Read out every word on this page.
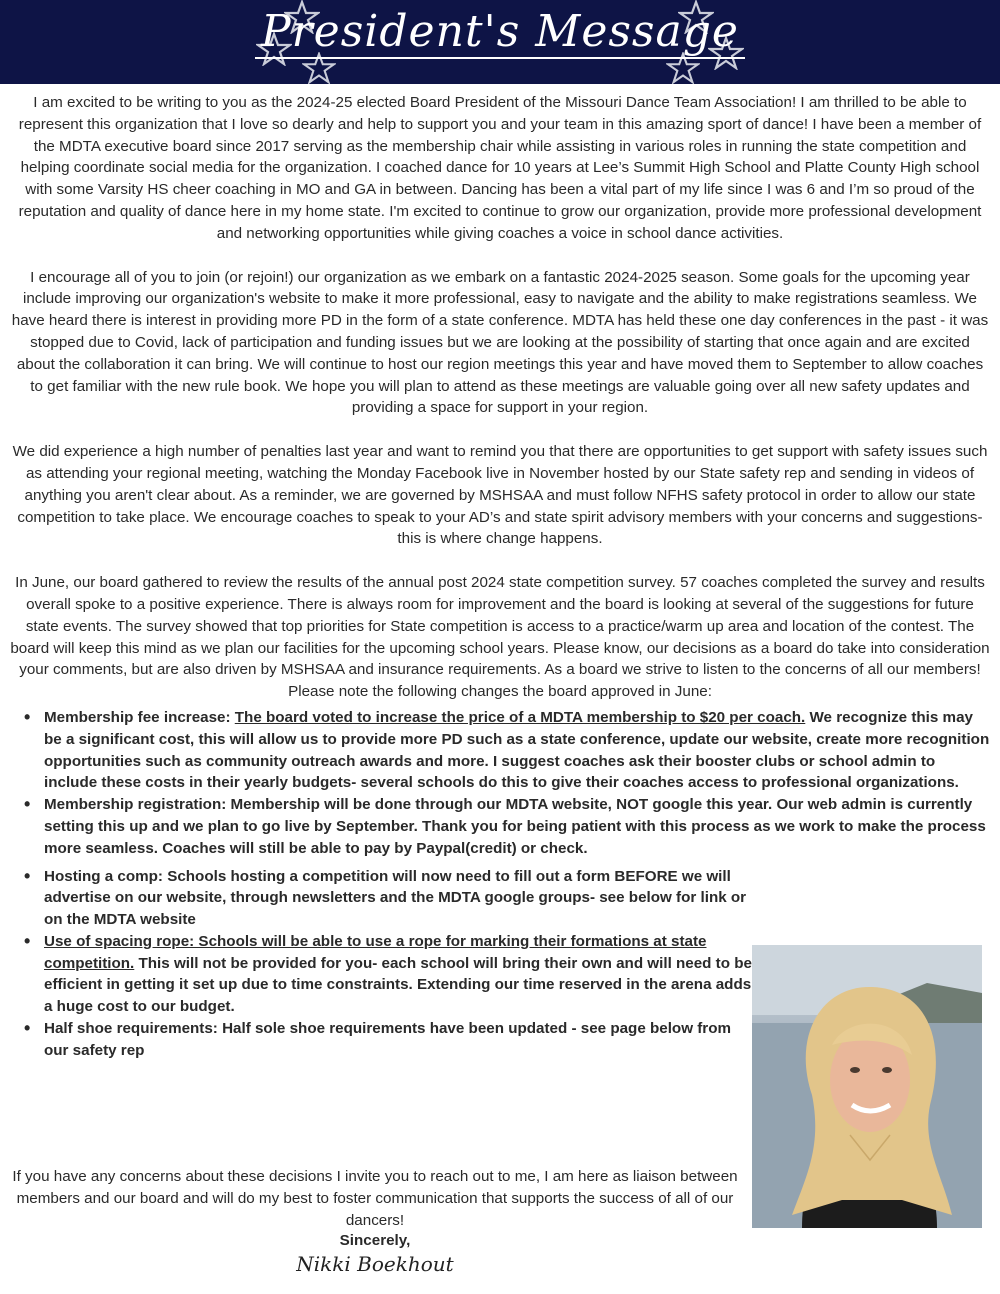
President's Message

I am excited to be writing to you as the 2024-25 elected Board President of the Missouri Dance Team Association! I am thrilled to be able to represent this organization that I love so dearly and help to support you and your team in this amazing sport of dance! I have been a member of the MDTA executive board since 2017 serving as the membership chair while assisting in various roles in running the state competition and helping coordinate social media for the organization. I coached dance for 10 years at Lee’s Summit High School and Platte County High school with some Varsity HS cheer coaching in MO and GA in between. Dancing has been a vital part of my life since I was 6 and I’m so proud of the reputation and quality of dance here in my home state. I'm excited to continue to grow our organization, provide more professional development and networking opportunities while giving coaches a voice in school dance activities.

I encourage all of you to join (or rejoin!) our organization as we embark on a fantastic 2024-2025 season. Some goals for the upcoming year include improving our organization's website to make it more professional, easy to navigate and the ability to make registrations seamless. We have heard there is interest in providing more PD in the form of a state conference. MDTA has held these one day conferences in the past - it was stopped due to Covid, lack of participation and funding issues but we are looking at the possibility of starting that once again and are excited about the collaboration it can bring. We will continue to host our region meetings this year and have moved them to September to allow coaches to get familiar with the new rule book. We hope you will plan to attend as these meetings are valuable going over all new safety updates and providing a space for support in your region.

We did experience a high number of penalties last year and want to remind you that there are opportunities to get support with safety issues such as attending your regional meeting, watching the Monday Facebook live in November hosted by our State safety rep and sending in videos of anything you aren't clear about. As a reminder, we are governed by MSHSAA and must follow NFHS safety protocol in order to allow our state competition to take place. We encourage coaches to speak to your AD’s and state spirit advisory members with your concerns and suggestions- this is where change happens.

In June, our board gathered to review the results of the annual post 2024 state competition survey. 57 coaches completed the survey and results overall spoke to a positive experience. There is always room for improvement and the board is looking at several of the suggestions for future state events. The survey showed that top priorities for State competition is access to a practice/warm up area and location of the contest. The board will keep this mind as we plan our facilities for the upcoming school years. Please know, our decisions as a board do take into consideration your comments, but are also driven by MSHSAA and insurance requirements. As a board we strive to listen to the concerns of all our members! Please note the following changes the board approved in June:

• Membership fee increase: The board voted to increase the price of a MDTA membership to $20 per coach. We recognize this may be a significant cost, this will allow us to provide more PD such as a state conference, update our website, create more recognition opportunities such as community outreach awards and more. I suggest coaches ask their booster clubs or school admin to include these costs in their yearly budgets- several schools do this to give their coaches access to professional organizations.
• Membership registration: Membership will be done through our MDTA website, NOT google this year. Our web admin is currently setting this up and we plan to go live by September. Thank you for being patient with this process as we work to make the process more seamless. Coaches will still be able to pay by Paypal(credit) or check.
• Hosting a comp: Schools hosting a competition will now need to fill out a form BEFORE we will advertise on our website, through newsletters and the MDTA google groups- see below for link or on the MDTA website
• Use of spacing rope: Schools will be able to use a rope for marking their formations at state competition. This will not be provided for you- each school will bring their own and will need to be efficient in getting it set up due to time constraints. Extending our time reserved in the arena adds a huge cost to our budget.
• Half shoe requirements: Half sole shoe requirements have been updated - see page below from our safety rep
If you have any concerns about these decisions I invite you to reach out to me, I am here as liaison between members and our board and will do my best to foster communication that supports the success of all of our dancers!
Sincerely,
Nikki Boekhout
